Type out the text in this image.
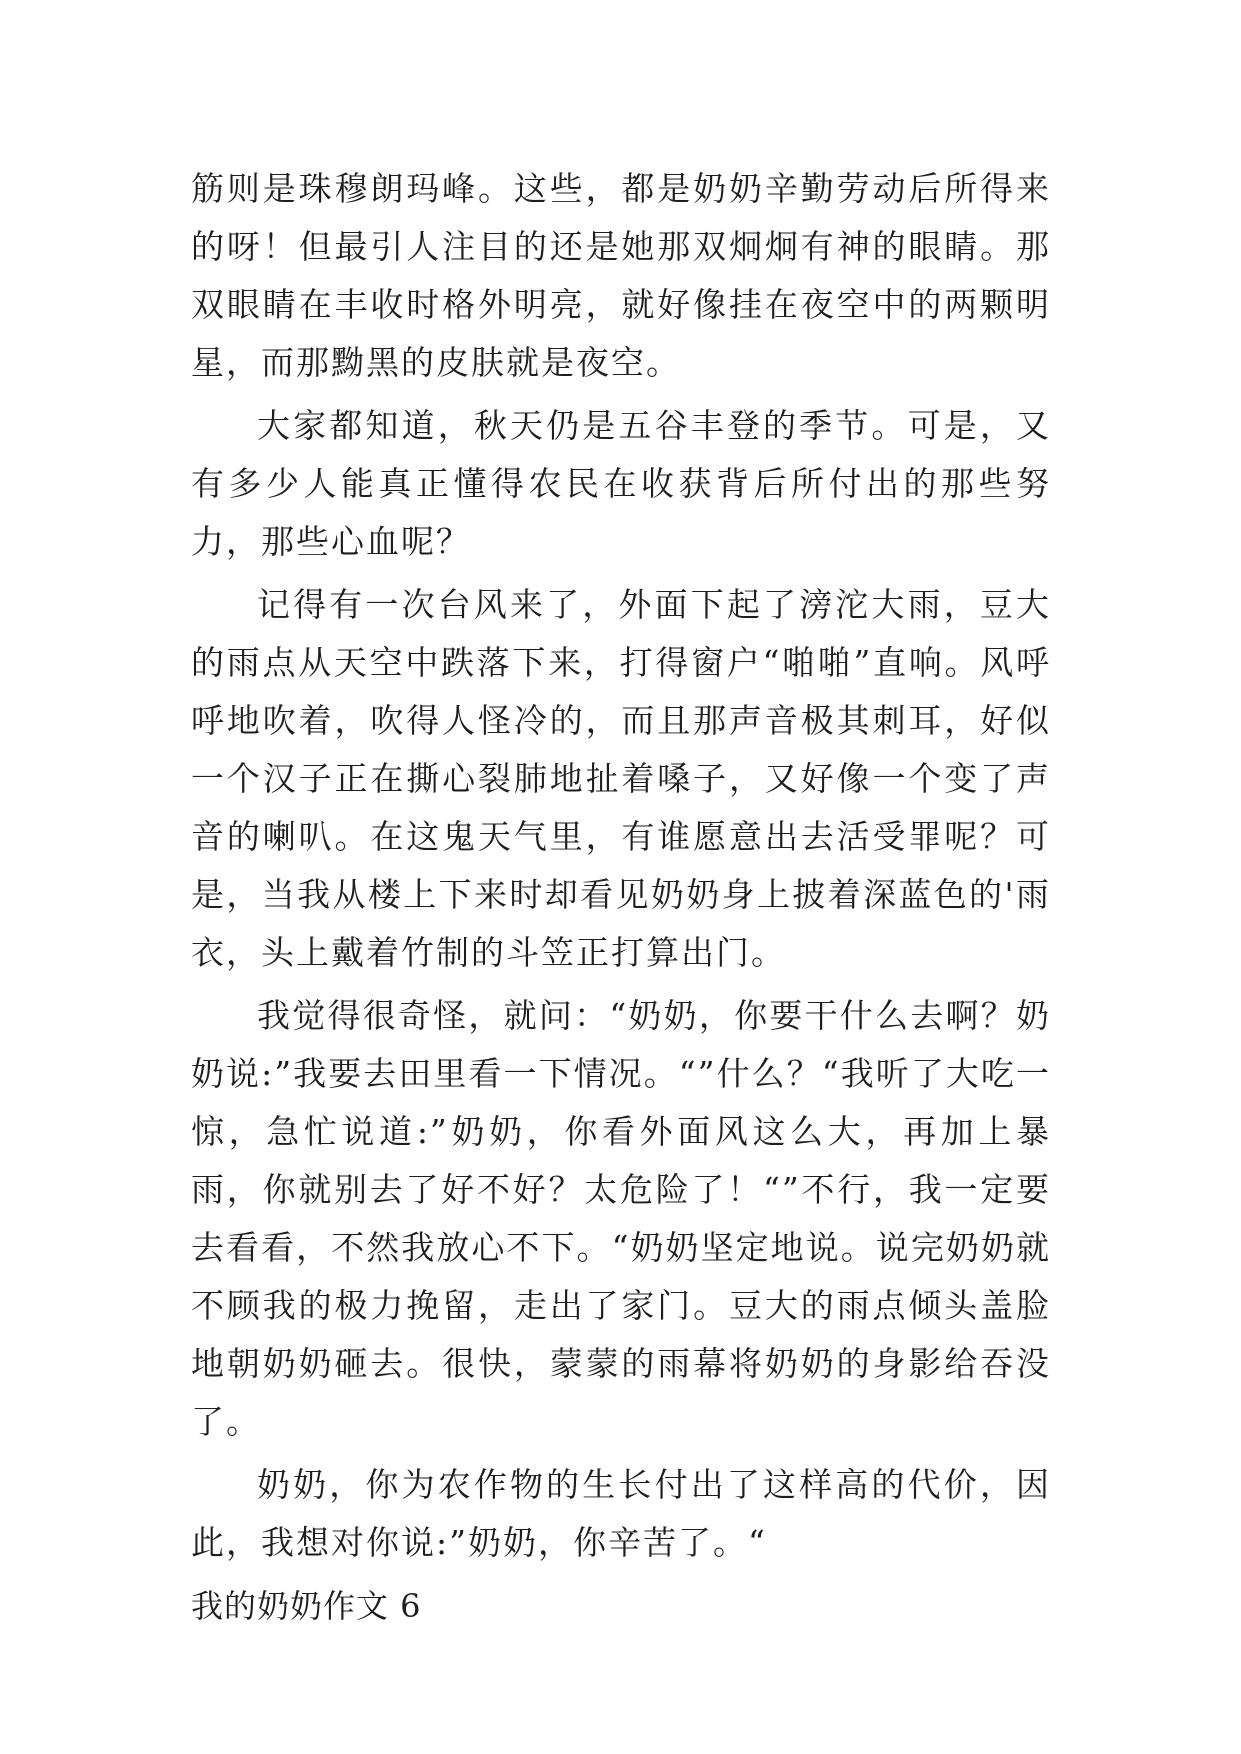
筋则是珠穆朗玛峰。这些，都是奶奶辛勤劳动后所得来的呀！但最引人注目的还是她那双炯炯有神的眼睛。那双眼睛在丰收时格外明亮，就好像挂在夜空中的两颗明星，而那黝黑的皮肤就是夜空。

大家都知道，秋天仍是五谷丰登的季节。可是，又有多少人能真正懂得农民在收获背后所付出的那些努力，那些心血呢？

记得有一次台风来了，外面下起了滂沱大雨，豆大的雨点从天空中跌落下来，打得窗户“啪啪”直响。风呼呼地吹着，吹得人怪冷的，而且那声音极其刺耳，好似一个汉子正在撕心裂肺地扯着嗓子，又好像一个变了声音的喇叭。在这鬼天气里，有谁愿意出去活受罪呢？可是，当我从楼上下来时却看见奶奶身上披着深蓝色的'雨衣，头上戴着竹制的斗笠正打算出门。

我觉得很奇怪，就问：“奶奶，你要干什么去啊？奶奶说:”我要去田里看一下情况。“”什么？“我听了大吃一惊，急忙说道:”奶奶，你看外面风这么大，再加上暴雨，你就别去了好不好？太危险了！“”不行，我一定要去看看，不然我放心不下。“奶奶坚定地说。说完奶奶就不顾我的极力挽留，走出了家门。豆大的雨点倾头盖脸地朝奶奶砸去。很快，蒙蒙的雨幕将奶奶的身影给吞没了。

奶奶，你为农作物的生长付出了这样高的代价，因此，我想对你说:”奶奶，你辛苦了。“

我的奶奶作文 6
